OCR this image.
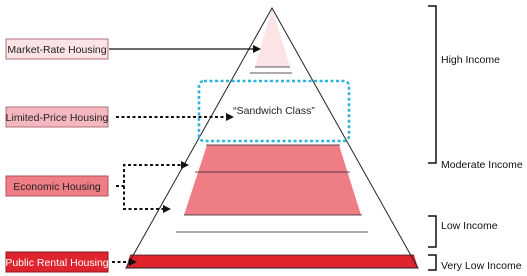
“Sandwich Class”
Market-Rate Housing
Limited-Price Housing
Economic Housing
Public Rental Housing
High Income
Moderate Income
Low Income
Very Low Income
